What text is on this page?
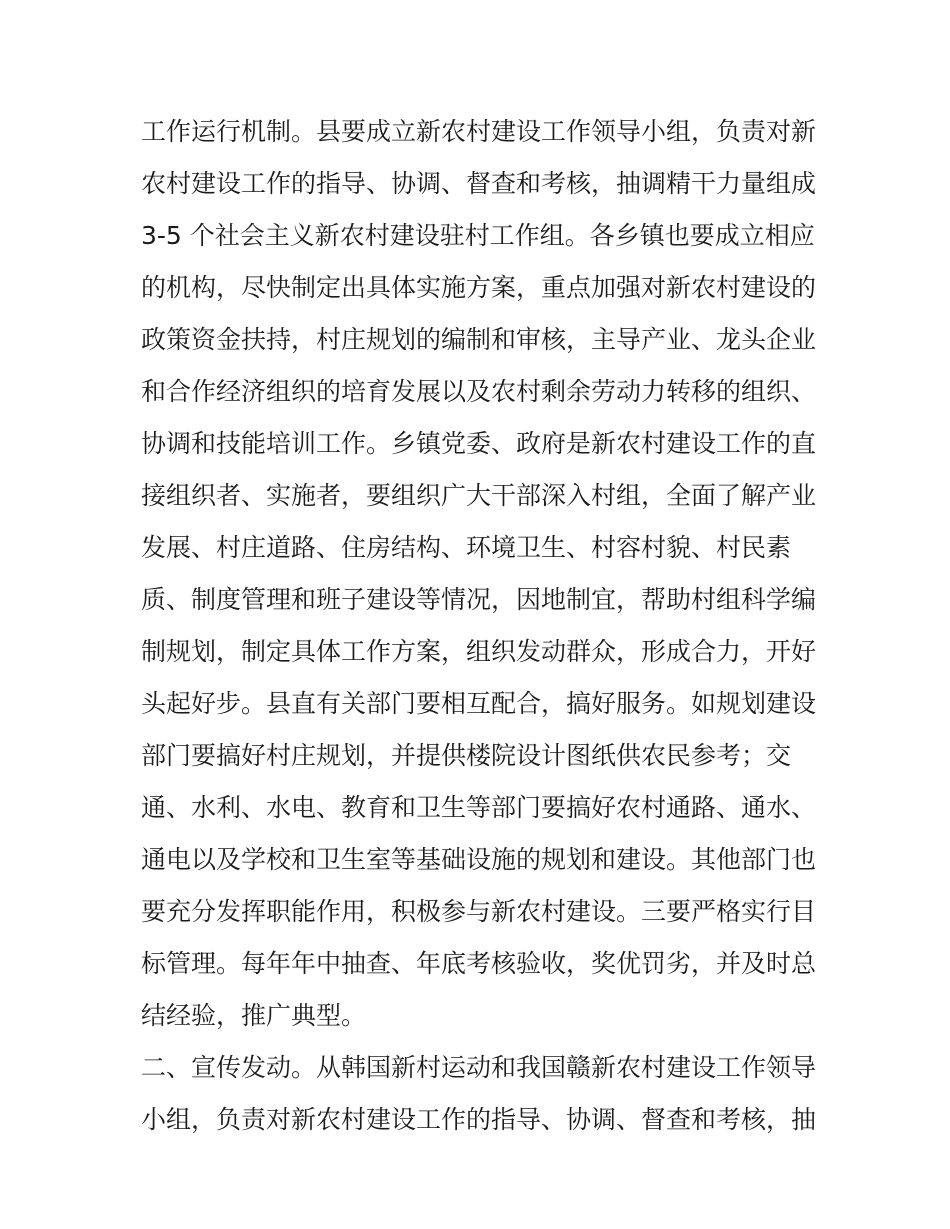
工作运行机制。县要成立新农村建设工作领导小组，负责对新
农村建设工作的指导、协调、督查和考核，抽调精干力量组成
3-5 个社会主义新农村建设驻村工作组。各乡镇也要成立相应
的机构，尽快制定出具体实施方案，重点加强对新农村建设的
政策资金扶持，村庄规划的编制和审核，主导产业、龙头企业
和合作经济组织的培育发展以及农村剩余劳动力转移的组织、
协调和技能培训工作。乡镇党委、政府是新农村建设工作的直
接组织者、实施者，要组织广大干部深入村组，全面了解产业
发展、村庄道路、住房结构、环境卫生、村容村貌、村民素
质、制度管理和班子建设等情况，因地制宜，帮助村组科学编
制规划，制定具体工作方案，组织发动群众，形成合力，开好
头起好步。县直有关部门要相互配合，搞好服务。如规划建设
部门要搞好村庄规划，并提供楼院设计图纸供农民参考；交
通、水利、水电、教育和卫生等部门要搞好农村通路、通水、
通电以及学校和卫生室等基础设施的规划和建设。其他部门也
要充分发挥职能作用，积极参与新农村建设。三要严格实行目
标管理。每年年中抽查、年底考核验收，奖优罚劣，并及时总
结经验，推广典型。
二、宣传发动。从韩国新村运动和我国赣新农村建设工作领导
小组，负责对新农村建设工作的指导、协调、督查和考核，抽
